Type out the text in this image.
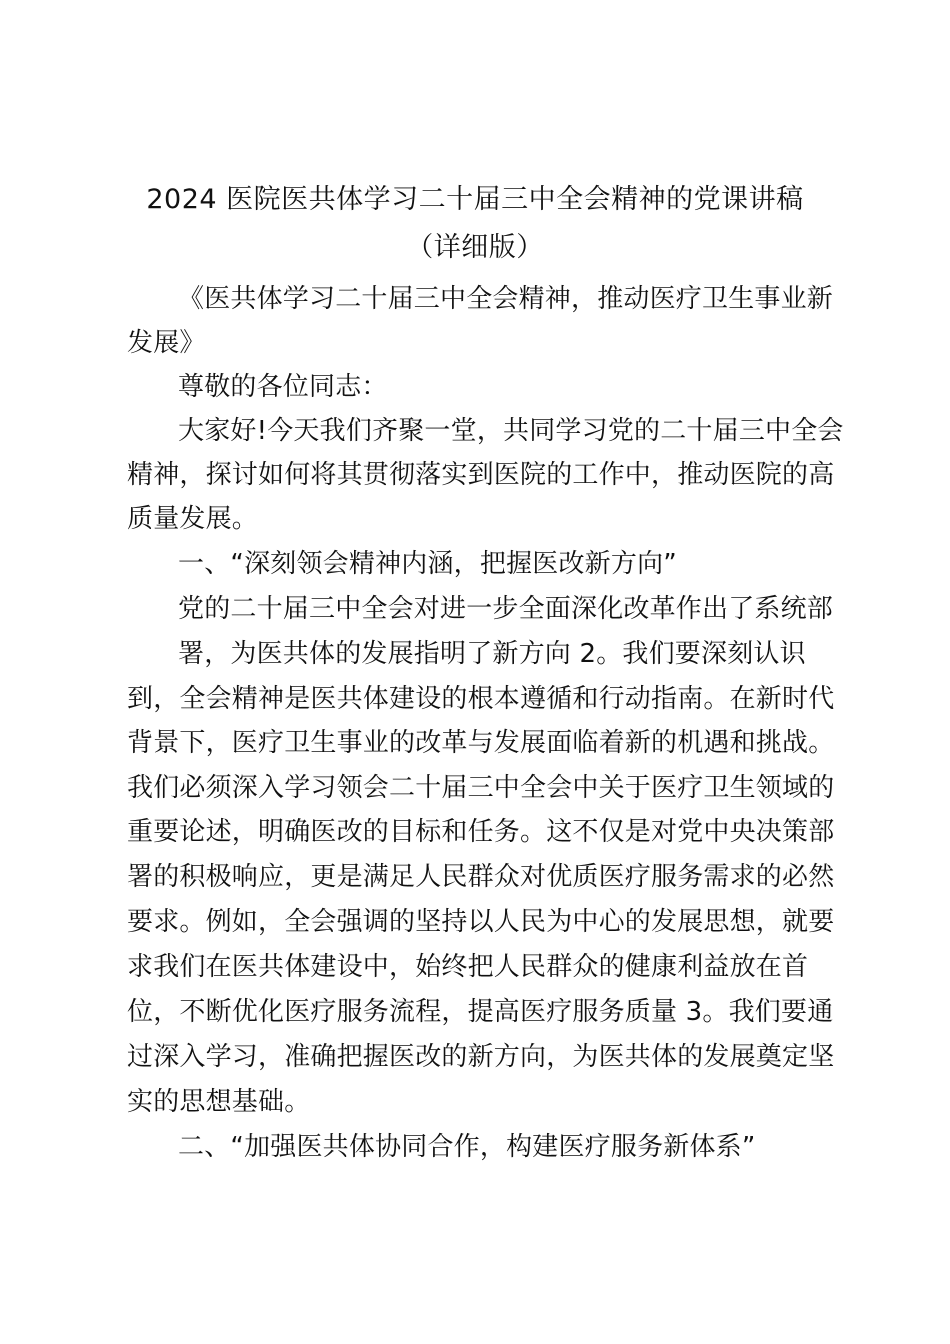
2024 医院医共体学习二十届三中全会精神的党课讲稿
（详细版）
《医共体学习二十届三中全会精神，推动医疗卫生事业新
发展》
尊敬的各位同志：
大家好!今天我们齐聚一堂，共同学习党的二十届三中全会
精神，探讨如何将其贯彻落实到医院的工作中，推动医院的高
质量发展。
一、“深刻领会精神内涵，把握医改新方向”
党的二十届三中全会对进一步全面深化改革作出了系统部
署，为医共体的发展指明了新方向 2。我们要深刻认识
到，全会精神是医共体建设的根本遵循和行动指南。在新时代
背景下，医疗卫生事业的改革与发展面临着新的机遇和挑战。
我们必须深入学习领会二十届三中全会中关于医疗卫生领域的
重要论述，明确医改的目标和任务。这不仅是对党中央决策部
署的积极响应，更是满足人民群众对优质医疗服务需求的必然
要求。例如，全会强调的坚持以人民为中心的发展思想，就要
求我们在医共体建设中，始终把人民群众的健康利益放在首
位，不断优化医疗服务流程，提高医疗服务质量 3。我们要通
过深入学习，准确把握医改的新方向，为医共体的发展奠定坚
实的思想基础。
二、“加强医共体协同合作，构建医疗服务新体系”
